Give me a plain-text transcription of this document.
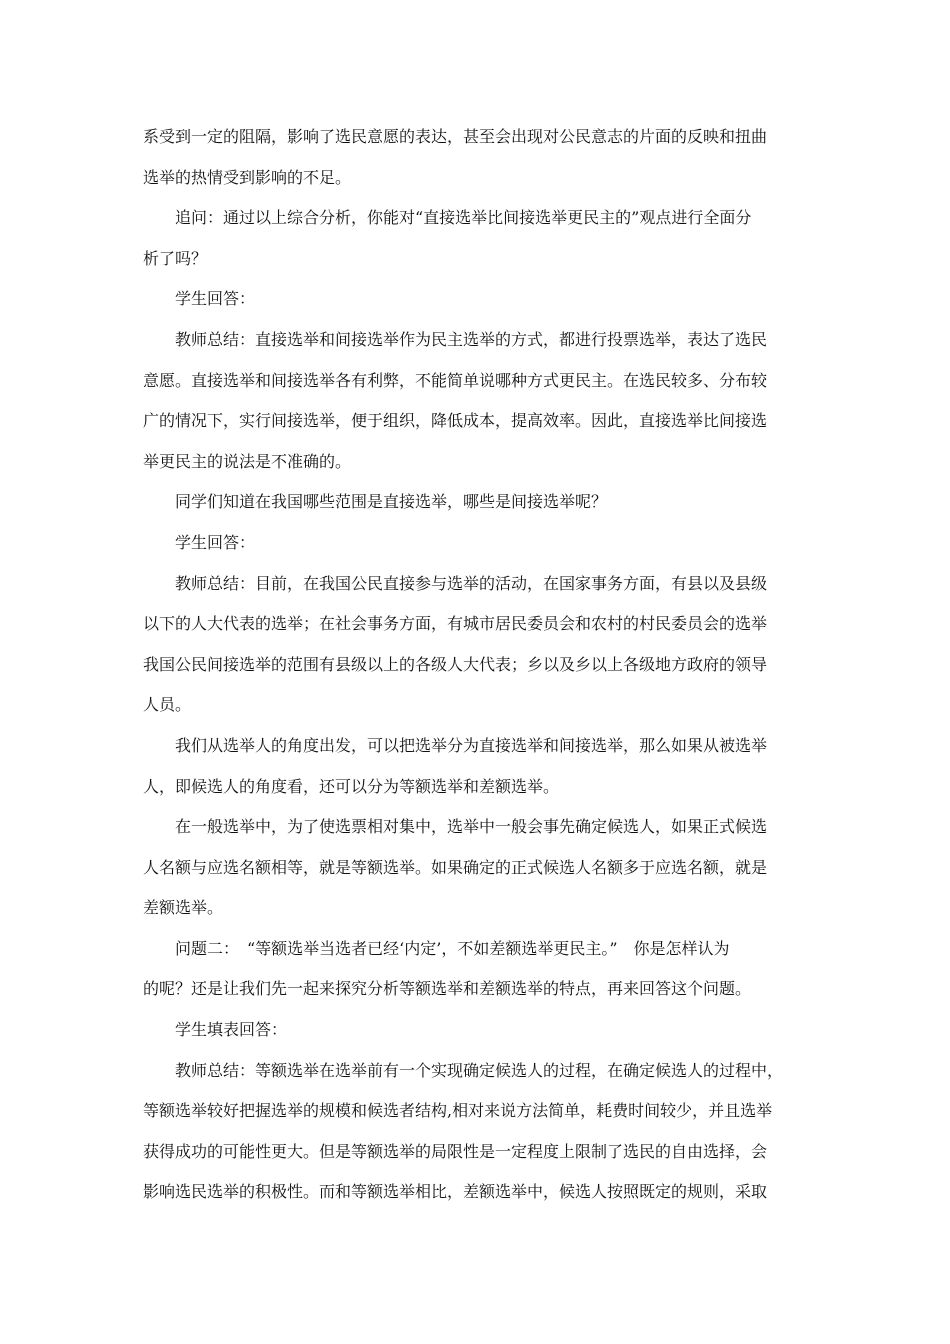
系受到一定的阻隔，影响了选民意愿的表达，甚至会出现对公民意志的片面的反映和扭曲

选举的热情受到影响的不足。

追问：通过以上综合分析，你能对“直接选举比间接选举更民主的”观点进行全面分

析了吗？

学生回答：

教师总结：直接选举和间接选举作为民主选举的方式，都进行投票选举，表达了选民

意愿。直接选举和间接选举各有利弊，不能简单说哪种方式更民主。在选民较多、分布较

广的情况下，实行间接选举，便于组织，降低成本，提高效率。因此，直接选举比间接选

举更民主的说法是不准确的。

同学们知道在我国哪些范围是直接选举，哪些是间接选举呢？

学生回答：

教师总结：目前，在我国公民直接参与选举的活动，在国家事务方面，有县以及县级

以下的人大代表的选举；在社会事务方面，有城市居民委员会和农村的村民委员会的选举

我国公民间接选举的范围有县级以上的各级人大代表；乡以及乡以上各级地方政府的领导

人员。

我们从选举人的角度出发，可以把选举分为直接选举和间接选举，那么如果从被选举

人，即候选人的角度看，还可以分为等额选举和差额选举。

在一般选举中，为了使选票相对集中，选举中一般会事先确定候选人，如果正式候选

人名额与应选名额相等，就是等额选举。如果确定的正式候选人名额多于应选名额，就是

差额选举。

问题二：　“等额选举当选者已经‘内定’，不如差额选举更民主。”　你是怎样认为

的呢？还是让我们先一起来探究分析等额选举和差额选举的特点，再来回答这个问题。

学生填表回答：

教师总结：等额选举在选举前有一个实现确定候选人的过程，在确定候选人的过程中，

等额选举较好把握选举的规模和候选者结构,相对来说方法简单，耗费时间较少，并且选举

获得成功的可能性更大。但是等额选举的局限性是一定程度上限制了选民的自由选择，会

影响选民选举的积极性。而和等额选举相比，差额选举中，候选人按照既定的规则，采取
